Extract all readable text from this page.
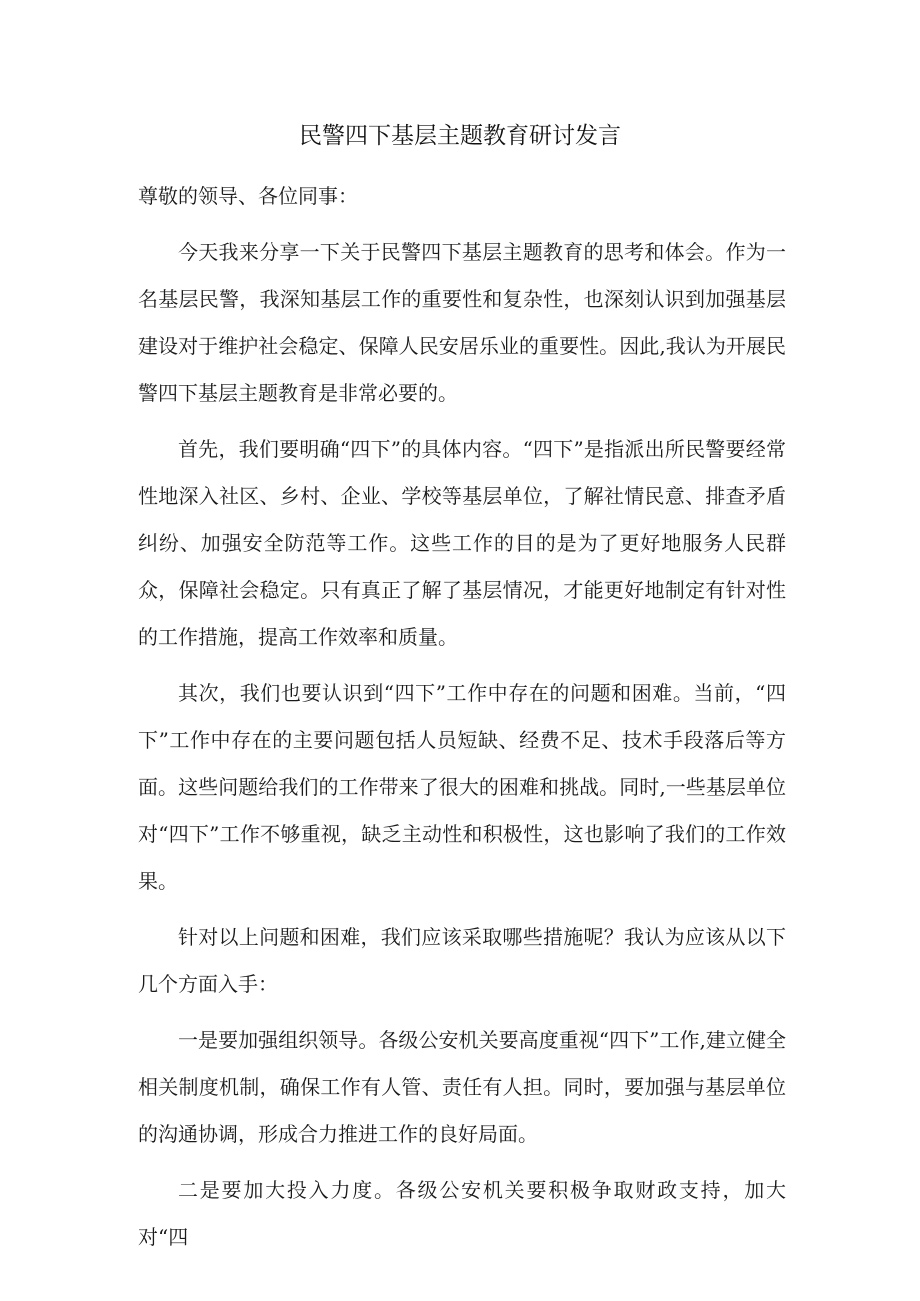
民警四下基层主题教育研讨发言

尊敬的领导、各位同事：

今天我来分享一下关于民警四下基层主题教育的思考和体会。作为一名基层民警，我深知基层工作的重要性和复杂性，也深刻认识到加强基层建设对于维护社会稳定、保障人民安居乐业的重要性。因此,我认为开展民警四下基层主题教育是非常必要的。

首先，我们要明确“四下”的具体内容。“四下”是指派出所民警要经常性地深入社区、乡村、企业、学校等基层单位，了解社情民意、排查矛盾纠纷、加强安全防范等工作。这些工作的目的是为了更好地服务人民群众，保障社会稳定。只有真正了解了基层情况，才能更好地制定有针对性的工作措施，提高工作效率和质量。

其次，我们也要认识到“四下”工作中存在的问题和困难。当前，“四下”工作中存在的主要问题包括人员短缺、经费不足、技术手段落后等方面。这些问题给我们的工作带来了很大的困难和挑战。同时,一些基层单位对“四下”工作不够重视，缺乏主动性和积极性，这也影响了我们的工作效果。

针对以上问题和困难，我们应该采取哪些措施呢？我认为应该从以下几个方面入手：

一是要加强组织领导。各级公安机关要高度重视“四下”工作,建立健全相关制度机制，确保工作有人管、责任有人担。同时，要加强与基层单位的沟通协调，形成合力推进工作的良好局面。

二是要加大投入力度。各级公安机关要积极争取财政支持，加大对“四
